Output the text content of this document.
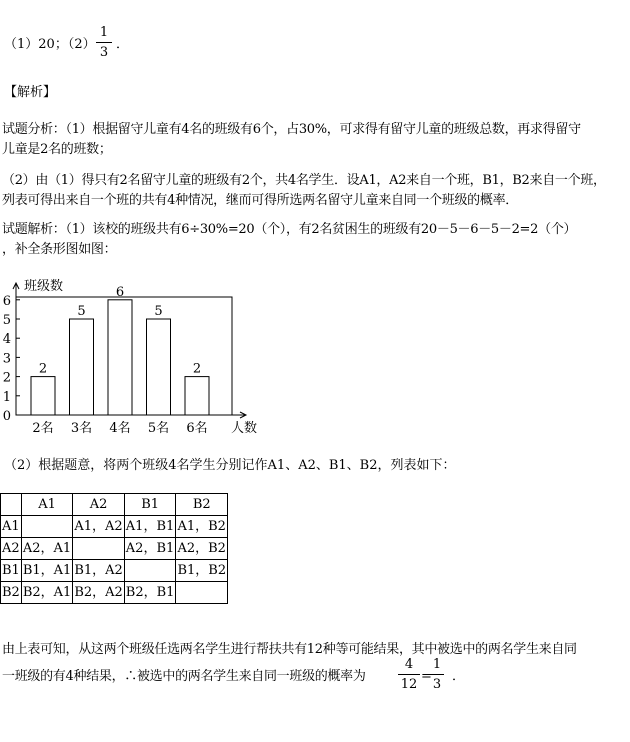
（1）20；（2）
1
3
．
【解析】
试题分析：（1）根据留守儿童有4名的班级有6个，占30%，可求得有留守儿童的班级总数，再求得留守
儿童是2名的班数；
（2）由（1）得只有2名留守儿童的班级有2个，共4名学生．设A1，A2来自一个班，B1，B2来自一个班，
列表可得出来自一个班的共有4种情况，继而可得所选两名留守儿童来自同一个班级的概率．
试题解析：（1）该校的班级共有6÷30%=20（个），有2名贫困生的班级有20－5－6－5－2=2（个）
，补全条形图如图：
0
1
2
3
4
5
6
班级数
人数
2
2名
5
3名
6
4名
5
5名
2
6名
（2）根据题意，将两个班级4名学生分别记作A1、A2、B1、B2，列表如下：
	A1	A2	B1	B2
A1		A1，A2	A1，B1	A1，B2
A2	A2，A1		A2，B1	A2，B2
B1	B1，A1	B1，A2		B1，B2
B2	B2，A1	B2，A2	B2，B1	
由上表可知，从这两个班级任选两名学生进行帮扶共有12种等可能结果，其中被选中的两名学生来自同
一班级的有4种结果，∴被选中的两名学生来自同一班级的概率为
4
12
=
1
3
．
